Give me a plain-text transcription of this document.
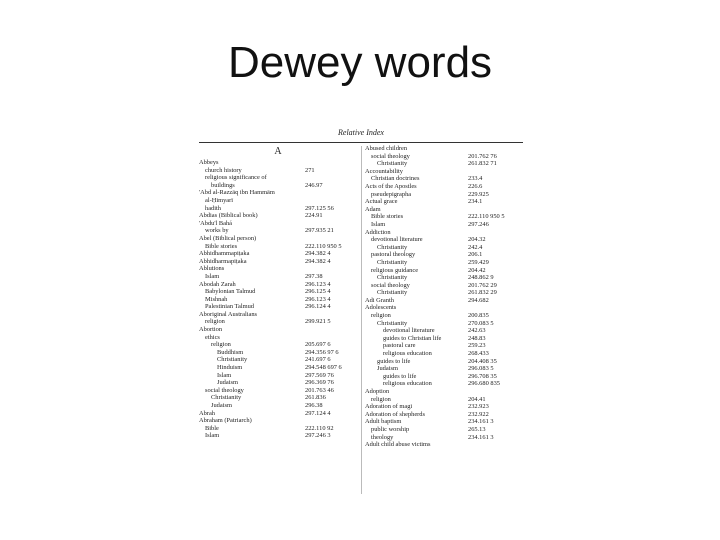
Dewey words
Relative Index
A
Abbeys
church history	271
religious significance of
buildings	246.97
'Abd al-Razzāq ibn Hammām
al-Ḥimyarī
hadith	297.125 56
Abdias (Biblical book)	224.91
'Abdu'l Bahá
works by	297.935 21
Abel (Biblical person)
Bible stories	222.110 950 5
Abhidhammapiṭaka	294.382 4
Abhidharmapiṭaka	294.382 4
Ablutions
Islam	297.38
Abodah Zarah	296.123 4
Babylonian Talmud	296.125 4
Mishnah	296.123 4
Palestinian Talmud	296.124 4
Aboriginal Australians
religion	299.921 5
Abortion
ethics
religion	205.697 6
Buddhism	294.356 97 6
Christianity	241.697 6
Hinduism	294.548 697 6
Islam	297.569 76
Judaism	296.369 76
social theology	201.763 46
Christianity	261.836
Judaism	296.38
Abrah	297.124 4
Abraham (Patriarch)
Bible	222.110 92
Islam	297.246 3
Abused children
social theology	201.762 76
Christianity	261.832 71
Accountability
Christian doctrines	233.4
Acts of the Apostles	226.6
pseudepigrapha	229.925
Actual grace	234.1
Adam
Bible stories	222.110 950 5
Islam	297.246
Addiction
devotional literature	204.32
Christianity	242.4
pastoral theology	206.1
Christianity	259.429
religious guidance	204.42
Christianity	248.862 9
social theology	201.762 29
Christianity	261.832 29
Adi Granth	294.682
Adolescents
religion	200.835
Christianity	270.083 5
devotional literature	242.63
guides to Christian life	248.83
pastoral care	259.23
religious education	268.433
guides to life	204.408 35
Judaism	296.083 5
guides to life	296.708 35
religious education	296.680 835
Adoption
religion	204.41
Adoration of magi	232.923
Adoration of shepherds	232.922
Adult baptism	234.161 3
public worship	265.13
theology	234.161 3
Adult child abuse victims
